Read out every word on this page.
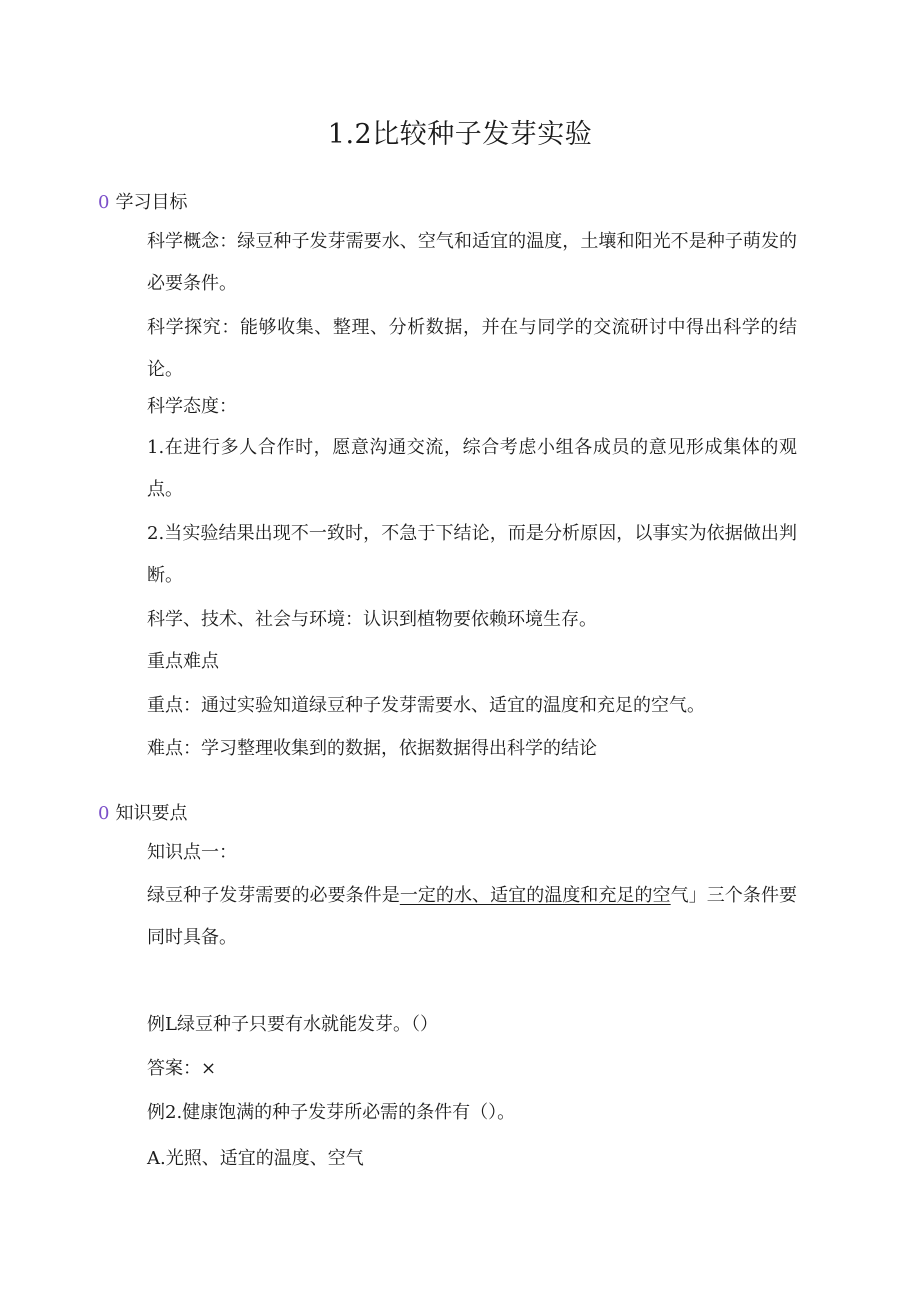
1.2比较种子发芽实验
0 学习目标
科学概念：绿豆种子发芽需要水、空气和适宜的温度，土壤和阳光不是种子萌发的必要条件。
科学探究：能够收集、整理、分析数据，并在与同学的交流研讨中得出科学的结论。
科学态度：
1.在进行多人合作时，愿意沟通交流，综合考虑小组各成员的意见形成集体的观点。
2.当实验结果出现不一致时，不急于下结论，而是分析原因，以事实为依据做出判断。
科学、技术、社会与环境：认识到植物要依赖环境生存。
重点难点
重点：通过实验知道绿豆种子发芽需要水、适宜的温度和充足的空气。
难点：学习整理收集到的数据，依据数据得出科学的结论
0 知识要点
知识点一：
绿豆种子发芽需要的必要条件是一定的水、适宜的温度和充足的空气」三个条件要同时具备。
例L绿豆种子只要有水就能发芽。（）
答案：×
例2.健康饱满的种子发芽所必需的条件有（）。
A.光照、适宜的温度、空气
